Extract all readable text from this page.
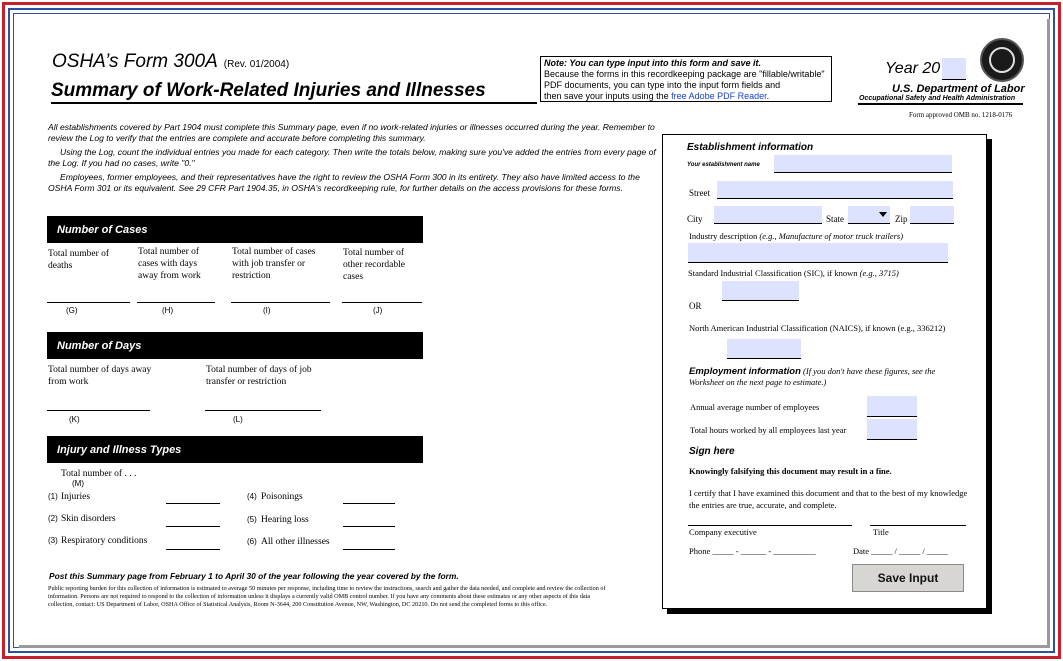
OSHA’s Form 300A (Rev. 01/2004)
Summary of Work-Related Injuries and Illnesses
Note: You can type input into this form and save it.
Because the forms in this recordkeeping package are "fillable/writable"
PDF documents, you can type into the input form fields and
then save your inputs using the free Adobe PDF Reader.
Year 20
U.S. Department of Labor
Occupational Safety and Health Administration
Form approved OMB no. 1218-0176

All establishments covered by Part 1904 must complete this Summary page, even if no work-related injuries or illnesses occurred during the year. Remember to review the Log to verify that the entries are complete and accurate before completing this summary.

Using the Log, count the individual entries you made for each category. Then write the totals below, making sure you've added the entries from every page of the Log. If you had no cases, write "0."

Employees, former employees, and their representatives have the right to review the OSHA Form 300 in its entirety. They also have limited access to the OSHA Form 301 or its equivalent. See 29 CFR Part 1904.35, in OSHA's recordkeeping rule, for further details on the access provisions for these forms.

Number of Cases
Total number of deaths
(G)
Total number of cases with days away from work
(H)
Total number of cases with job transfer or restriction
(I)
Total number of other recordable cases
(J)
Number of Days
Total number of days away from work
(K)
Total number of days of job transfer or restriction
(L)
Injury and Illness Types
Total number of . . .
(M)
(1) Injuries
(2) Skin disorders
(3) Respiratory conditions
(4) Poisonings
(5) Hearing loss
(6) All other illnesses
Post this Summary page from February 1 to April 30 of the year following the year covered by the form.
Public reporting burden for this collection of information is estimated to average 50 minutes per response, including time to review the instructions, search and gather the data needed, and complete and review the collection of information. Persons are not required to respond to the collection of information unless it displays a currently valid OMB control number. If you have any comments about these estimates or any other aspects of this data collection, contact: US Department of Labor, OSHA Office of Statistical Analysis, Room N-3644, 200 Constitution Avenue, NW, Washington, DC 20210. Do not send the completed forms to this office.
Establishment information
Your establishment name
Street
City	State	Zip
Industry description (e.g., Manufacture of motor truck trailers)
Standard Industrial Classification (SIC), if known (e.g., 3715)
OR
North American Industrial Classification (NAICS), if known (e.g., 336212)
Employment information (If you don't have these figures, see the Worksheet on the next page to estimate.)
Annual average number of employees
Total hours worked by all employees last year
Sign here
Knowingly falsifying this document may result in a fine.
I certify that I have examined this document and that to the best of my knowledge the entries are true, accurate, and complete.
Company executive	Title
Phone _____ - ______ - __________	Date _____ / _____ / _____
Save Input
